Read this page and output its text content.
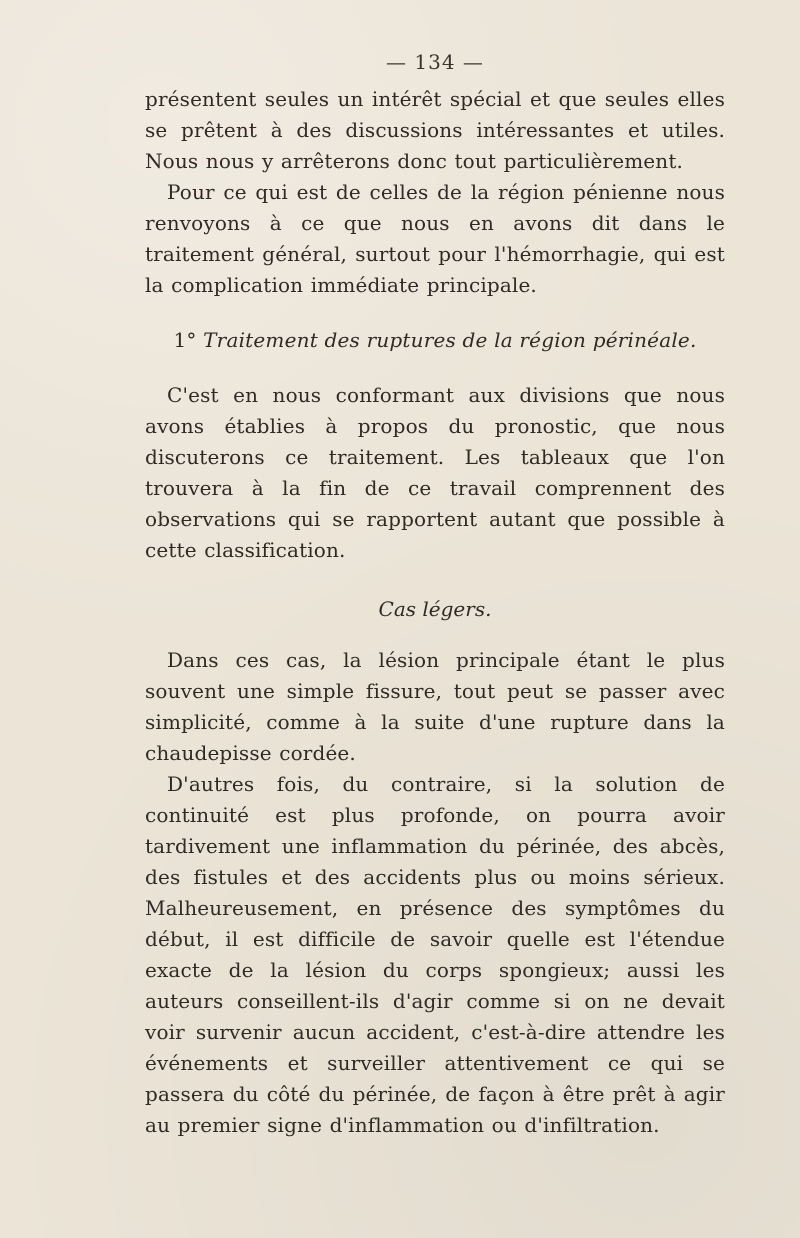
— 134 —

présentent seules un intérêt spécial et que seules elles se prêtent à des discussions intéressantes et utiles. Nous nous y arrêterons donc tout particulièrement.

Pour ce qui est de celles de la région pénienne nous renvoyons à ce que nous en avons dit dans le traitement général, surtout pour l'hémorrhagie, qui est la complication immédiate principale.

1° Traitement des ruptures de la région périnéale.

C'est en nous conformant aux divisions que nous avons établies à propos du pronostic, que nous discuterons ce traitement. Les tableaux que l'on trouvera à la fin de ce travail comprennent des observations qui se rapportent autant que possible à cette classification.

Cas légers.

Dans ces cas, la lésion principale étant le plus souvent une simple fissure, tout peut se passer avec simplicité, comme à la suite d'une rupture dans la chaudepisse cordée.

D'autres fois, du contraire, si la solution de continuité est plus profonde, on pourra avoir tardivement une inflammation du périnée, des abcès, des fistules et des accidents plus ou moins sérieux. Malheureusement, en présence des symptômes du début, il est difficile de savoir quelle est l'étendue exacte de la lésion du corps spongieux; aussi les auteurs conseillent-ils d'agir comme si on ne devait voir survenir aucun accident, c'est-à-dire attendre les événements et surveiller attentivement ce qui se passera du côté du périnée, de façon à être prêt à agir au premier signe d'inflammation ou d'infiltration.
